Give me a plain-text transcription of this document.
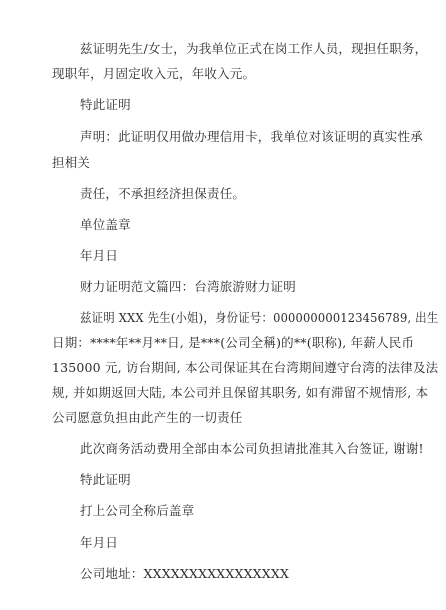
兹证明先生/女士，为我单位正式在岗工作人员，现担任职务，

现职年，月固定收入元，年收入元。

特此证明

声明：此证明仅用做办理信用卡，我单位对该证明的真实性承

担相关

责任，不承担经济担保责任。

单位盖章

年月日

财力证明范文篇四：台湾旅游财力证明

兹证明 XXX 先生(小姐)，身份证号：000000000123456789, 出生

日期：****年**月**日, 是***(公司全稱)的**(职称), 年薪人民币

135000 元, 访台期间, 本公司保证其在台湾期间遵守台湾的法律及法

规, 并如期返回大陆, 本公司并且保留其职务, 如有滞留不规情形, 本

公司愿意负担由此产生的一切责任

此次商务活动费用全部由本公司负担请批准其入台签证, 谢谢!

特此证明

打上公司全称后盖章

年月日

公司地址：XXXXXXXXXXXXXXXX
